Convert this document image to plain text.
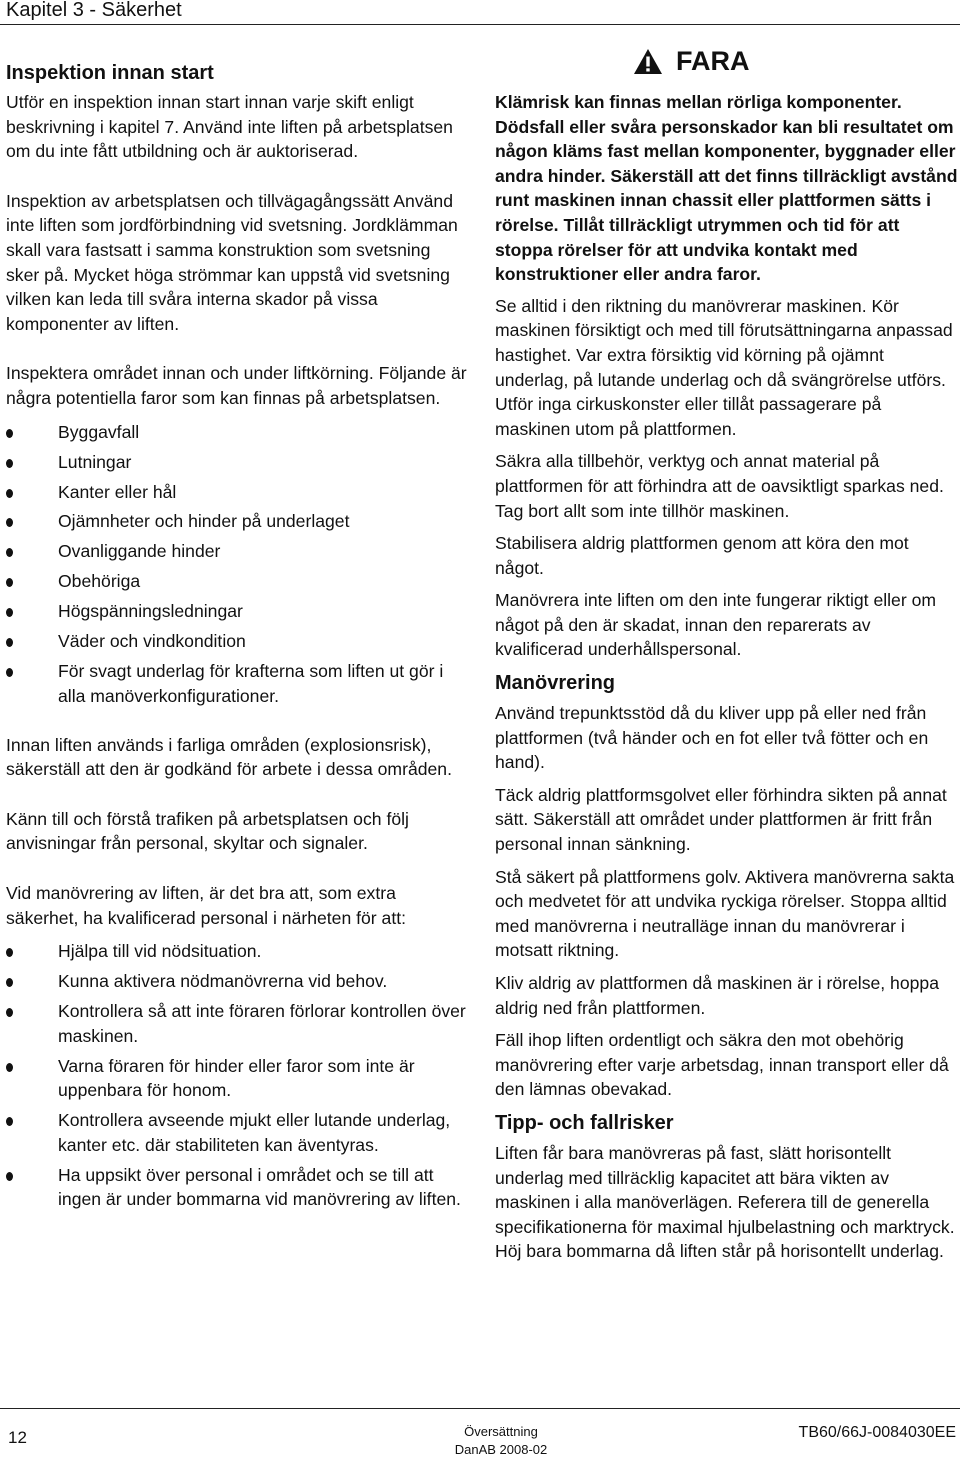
Kapitel 3 - Säkerhet
Inspektion innan start

Utför en inspektion innan start innan varje skift enligt beskrivning i kapitel 7. Använd inte liften på arbetsplatsen om du inte fått utbildning och är auktoriserad.

Inspektion av arbetsplatsen och tillvägagångssätt Använd inte liften som jordförbindning vid svetsning. Jordklämman skall vara fastsatt i samma konstruktion som svetsning sker på. Mycket höga strömmar kan uppstå vid svetsning vilken kan leda till svåra interna skador på vissa komponenter av liften.

Inspektera området innan och under liftkörning. Följande är några potentiella faror som kan finnas på arbetsplatsen.

Byggavfall
Lutningar
Kanter eller hål
Ojämnheter och hinder på underlaget
Ovanliggande hinder
Obehöriga
Högspänningsledningar
Väder och vindkondition
För svagt underlag för krafterna som liften ut gör i alla manöverkonfigurationer.

Innan liften används i farliga områden (explosionsrisk), säkerställ att den är godkänd för arbete i dessa områden.

Känn till och förstå trafiken på arbetsplatsen och följ anvisningar från personal, skyltar och signaler.

Vid manövrering av liften, är det bra att, som extra säkerhet, ha kvalificerad personal i närheten för att:

Hjälpa till vid nödsituation.
Kunna aktivera nödmanövrerna vid behov.
Kontrollera så att inte föraren förlorar kontrollen över maskinen.
Varna föraren för hinder eller faror som inte är uppenbara för honom.
Kontrollera avseende mjukt eller lutande underlag, kanter etc. där stabiliteten kan äventyras.
Ha uppsikt över personal i området och se till att ingen är under bommarna vid manövrering av liften.
FARA

Klämrisk kan finnas mellan rörliga komponenter. Dödsfall eller svåra personskador kan bli resultatet om någon kläms fast mellan komponenter, byggnader eller andra hinder. Säkerställ att det finns tillräckligt avstånd runt maskinen innan chassit eller plattformen sätts i rörelse. Tillåt tillräckligt utrymmen och tid för att stoppa rörelser för att undvika kontakt med konstruktioner eller andra faror.

Se alltid i den riktning du manövrerar maskinen. Kör maskinen försiktigt och med till förutsättningarna anpassad hastighet. Var extra försiktig vid körning på ojämnt underlag, på lutande underlag och då svängrörelse utförs. Utför inga cirkuskonster eller tillåt passagerare på maskinen utom på plattformen.

Säkra alla tillbehör, verktyg och annat material på plattformen för att förhindra att de oavsiktligt sparkas ned. Tag bort allt som inte tillhör maskinen.

Stabilisera aldrig plattformen genom att köra den mot något.

Manövrera inte liften om den inte fungerar riktigt eller om något på den är skadat, innan den reparerats av kvalificerad underhållspersonal.

Manövrering

Använd trepunktsstöd då du kliver upp på eller ned från plattformen (två händer och en fot eller två fötter och en hand).

Täck aldrig plattformsgolvet eller förhindra sikten på annat sätt. Säkerställ att området under plattformen är fritt från personal innan sänkning.

Stå säkert på plattformens golv. Aktivera manövrerna sakta och medvetet för att undvika ryckiga rörelser. Stoppa alltid med manövrerna i neutralläge innan du manövrerar i motsatt riktning.

Kliv aldrig av plattformen då maskinen är i rörelse, hoppa aldrig ned från plattformen.

Fäll ihop liften ordentligt och säkra den mot obehörig manövrering efter varje arbetsdag, innan transport eller då den lämnas obevakad.

Tipp- och fallrisker

Liften får bara manövreras på fast, slätt horisontellt underlag med tillräcklig kapacitet att bära vikten av maskinen i alla manöverlägen. Referera till de generella specifikationerna för maximal hjulbelastning och marktryck. Höj bara bommarna då liften står på horisontellt underlag.

12	Översättning
DanAB 2008-02
TB60/66J-0084030EE
